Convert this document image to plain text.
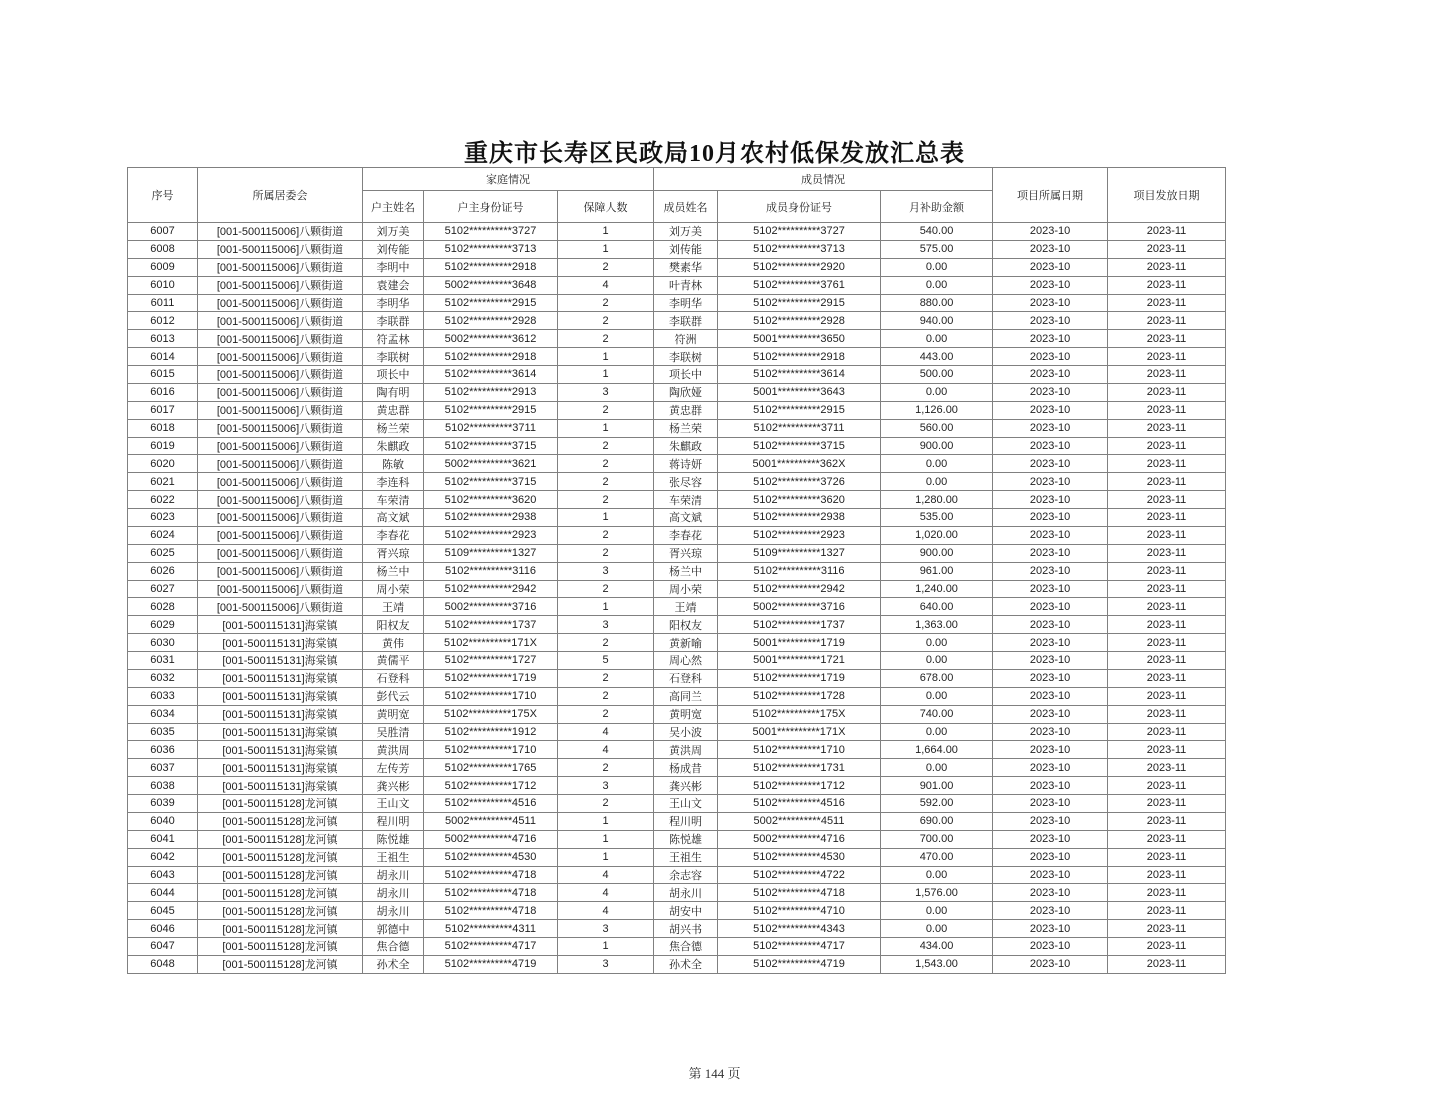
重庆市长寿区民政局10月农村低保发放汇总表
序号	所属居委会	家庭情况			成员情况			项目所属日期	项目发放日期
		户主姓名	户主身份证号	保障人数	成员姓名	成员身份证号	月补助金额		
6007	[001-500115006]八颗街道	刘万美	5102**********3727	1	刘万美	5102**********3727	540.00	2023-10	2023-11
6008	[001-500115006]八颗街道	刘传能	5102**********3713	1	刘传能	5102**********3713	575.00	2023-10	2023-11
6009	[001-500115006]八颗街道	李明中	5102**********2918	2	樊素华	5102**********2920	0.00	2023-10	2023-11
6010	[001-500115006]八颗街道	袁建会	5002**********3648	4	叶青林	5102**********3761	0.00	2023-10	2023-11
6011	[001-500115006]八颗街道	李明华	5102**********2915	2	李明华	5102**********2915	880.00	2023-10	2023-11
6012	[001-500115006]八颗街道	李联群	5102**********2928	2	李联群	5102**********2928	940.00	2023-10	2023-11
6013	[001-500115006]八颗街道	符孟林	5002**********3612	2	符洲	5001**********3650	0.00	2023-10	2023-11
6014	[001-500115006]八颗街道	李联树	5102**********2918	1	李联树	5102**********2918	443.00	2023-10	2023-11
6015	[001-500115006]八颗街道	项长中	5102**********3614	1	项长中	5102**********3614	500.00	2023-10	2023-11
6016	[001-500115006]八颗街道	陶有明	5102**********2913	3	陶欣娅	5001**********3643	0.00	2023-10	2023-11
6017	[001-500115006]八颗街道	黄忠群	5102**********2915	2	黄忠群	5102**********2915	1,126.00	2023-10	2023-11
6018	[001-500115006]八颗街道	杨兰荣	5102**********3711	1	杨兰荣	5102**********3711	560.00	2023-10	2023-11
6019	[001-500115006]八颗街道	朱麒政	5102**********3715	2	朱麒政	5102**********3715	900.00	2023-10	2023-11
6020	[001-500115006]八颗街道	陈敏	5002**********3621	2	蒋诗妍	5001**********362X	0.00	2023-10	2023-11
6021	[001-500115006]八颗街道	李连科	5102**********3715	2	张尽容	5102**********3726	0.00	2023-10	2023-11
6022	[001-500115006]八颗街道	车荣清	5102**********3620	2	车荣清	5102**********3620	1,280.00	2023-10	2023-11
6023	[001-500115006]八颗街道	高文斌	5102**********2938	1	高文斌	5102**********2938	535.00	2023-10	2023-11
6024	[001-500115006]八颗街道	李春花	5102**********2923	2	李春花	5102**********2923	1,020.00	2023-10	2023-11
6025	[001-500115006]八颗街道	胥兴琼	5109**********1327	2	胥兴琼	5109**********1327	900.00	2023-10	2023-11
6026	[001-500115006]八颗街道	杨兰中	5102**********3116	3	杨兰中	5102**********3116	961.00	2023-10	2023-11
6027	[001-500115006]八颗街道	周小荣	5102**********2942	2	周小荣	5102**********2942	1,240.00	2023-10	2023-11
6028	[001-500115006]八颗街道	王靖	5002**********3716	1	王靖	5002**********3716	640.00	2023-10	2023-11
6029	[001-500115131]海棠镇	阳权友	5102**********1737	3	阳权友	5102**********1737	1,363.00	2023-10	2023-11
6030	[001-500115131]海棠镇	黄伟	5102**********171X	2	黄新喻	5001**********1719	0.00	2023-10	2023-11
6031	[001-500115131]海棠镇	黄儒平	5102**********1727	5	周心然	5001**********1721	0.00	2023-10	2023-11
6032	[001-500115131]海棠镇	石登科	5102**********1719	2	石登科	5102**********1719	678.00	2023-10	2023-11
6033	[001-500115131]海棠镇	彭代云	5102**********1710	2	高同兰	5102**********1728	0.00	2023-10	2023-11
6034	[001-500115131]海棠镇	黄明宽	5102**********175X	2	黄明宽	5102**********175X	740.00	2023-10	2023-11
6035	[001-500115131]海棠镇	吴胜清	5102**********1912	4	吴小波	5001**********171X	0.00	2023-10	2023-11
6036	[001-500115131]海棠镇	黄洪周	5102**********1710	4	黄洪周	5102**********1710	1,664.00	2023-10	2023-11
6037	[001-500115131]海棠镇	左传芳	5102**********1765	2	杨成昔	5102**********1731	0.00	2023-10	2023-11
6038	[001-500115131]海棠镇	龚兴彬	5102**********1712	3	龚兴彬	5102**********1712	901.00	2023-10	2023-11
6039	[001-500115128]龙河镇	王山文	5102**********4516	2	王山文	5102**********4516	592.00	2023-10	2023-11
6040	[001-500115128]龙河镇	程川明	5002**********4511	1	程川明	5002**********4511	690.00	2023-10	2023-11
6041	[001-500115128]龙河镇	陈悦雄	5002**********4716	1	陈悦雄	5002**********4716	700.00	2023-10	2023-11
6042	[001-500115128]龙河镇	王祖生	5102**********4530	1	王祖生	5102**********4530	470.00	2023-10	2023-11
6043	[001-500115128]龙河镇	胡永川	5102**********4718	4	余志容	5102**********4722	0.00	2023-10	2023-11
6044	[001-500115128]龙河镇	胡永川	5102**********4718	4	胡永川	5102**********4718	1,576.00	2023-10	2023-11
6045	[001-500115128]龙河镇	胡永川	5102**********4718	4	胡安中	5102**********4710	0.00	2023-10	2023-11
6046	[001-500115128]龙河镇	郭德中	5102**********4311	3	胡兴书	5102**********4343	0.00	2023-10	2023-11
6047	[001-500115128]龙河镇	焦合德	5102**********4717	1	焦合德	5102**********4717	434.00	2023-10	2023-11
6048	[001-500115128]龙河镇	孙术全	5102**********4719	3	孙术全	5102**********4719	1,543.00	2023-10	2023-11
第 144 页
